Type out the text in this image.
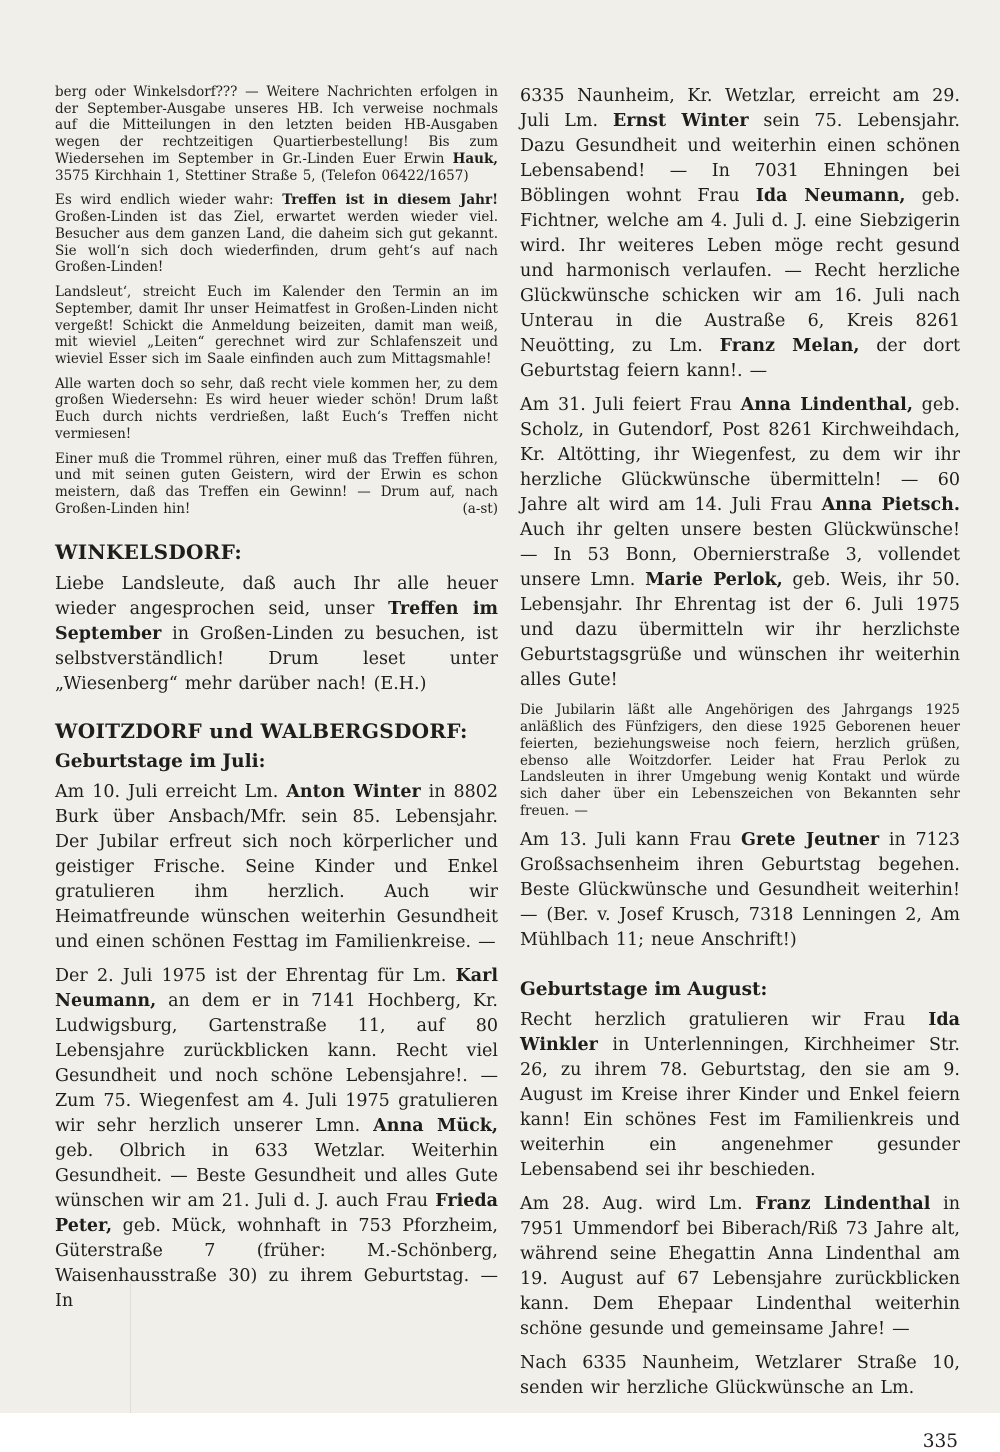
berg oder Winkelsdorf??? — Weitere Nachrichten erfolgen in der September-Ausgabe unseres HB. Ich verweise nochmals auf die Mitteilungen in den letzten beiden HB-Ausgaben wegen der rechtzeitigen Quartierbestellung! Bis zum Wiedersehen im September in Gr.-Linden Euer Erwin Hauk, 3575 Kirchhain 1, Stettiner Straße 5, (Telefon 06422/1657)

Es wird endlich wieder wahr: Treffen ist in diesem Jahr! Großen-Linden ist das Ziel, erwartet werden wieder viel. Besucher aus dem ganzen Land, die daheim sich gut gekannt. Sie woll‘n sich doch wiederfinden, drum geht‘s auf nach Großen-Linden!

Landsleut‘, streicht Euch im Kalender den Termin an im September, damit Ihr unser Heimatfest in Großen-Linden nicht vergeßt! Schickt die Anmeldung beizeiten, damit man weiß, mit wieviel „Leiten“ gerechnet wird zur Schlafenszeit und wieviel Esser sich im Saale einfinden auch zum Mittagsmahle!

Alle warten doch so sehr, daß recht viele kommen her, zu dem großen Wiedersehn: Es wird heuer wieder schön! Drum laßt Euch durch nichts verdrießen, laßt Euch‘s Treffen nicht vermiesen!

Einer muß die Trommel rühren, einer muß das Treffen führen, und mit seinen guten Geistern, wird der Erwin es schon meistern, daß das Treffen ein Gewinn! — Drum auf, nach Großen-Linden hin!	(a-st)

WINKELSDORF:

Liebe Landsleute, daß auch Ihr alle heuer wieder angesprochen seid, unser Treffen im September in Großen-Linden zu besuchen, ist selbstverständlich! Drum leset unter „Wiesenberg“ mehr darüber nach! (E.H.)

WOITZDORF und WALBERGSDORF:
Geburtstage im Juli:

Am 10. Juli erreicht Lm. Anton Winter in 8802 Burk über Ansbach/Mfr. sein 85. Lebensjahr. Der Jubilar erfreut sich noch körperlicher und geistiger Frische. Seine Kinder und Enkel gratulieren ihm herzlich. Auch wir Heimatfreunde wünschen weiterhin Gesundheit und einen schönen Festtag im Familienkreise. —

Der 2. Juli 1975 ist der Ehrentag für Lm. Karl Neumann, an dem er in 7141 Hochberg, Kr. Ludwigsburg, Gartenstraße 11, auf 80 Lebensjahre zurückblicken kann. Recht viel Gesundheit und noch schöne Lebensjahre!. — Zum 75. Wiegenfest am 4. Juli 1975 gratulieren wir sehr herzlich unserer Lmn. Anna Mück, geb. Olbrich in 633 Wetzlar. Weiterhin Gesundheit. — Beste Gesundheit und alles Gute wünschen wir am 21. Juli d. J. auch Frau Frieda Peter, geb. Mück, wohnhaft in 753 Pforzheim, Güterstraße 7 (früher: M.-Schönberg, Waisenhausstraße 30) zu ihrem Geburtstag. — In

6335 Naunheim, Kr. Wetzlar, erreicht am 29. Juli Lm. Ernst Winter sein 75. Lebensjahr. Dazu Gesundheit und weiterhin einen schönen Lebensabend! — In 7031 Ehningen bei Böblingen wohnt Frau Ida Neumann, geb. Fichtner, welche am 4. Juli d. J. eine Siebzigerin wird. Ihr weiteres Leben möge recht gesund und harmonisch verlaufen. — Recht herzliche Glückwünsche schicken wir am 16. Juli nach Unterau in die Austraße 6, Kreis 8261 Neuötting, zu Lm. Franz Melan, der dort Geburtstag feiern kann!. —

Am 31. Juli feiert Frau Anna Lindenthal, geb. Scholz, in Gutendorf, Post 8261 Kirchweihdach, Kr. Altötting, ihr Wiegenfest, zu dem wir ihr herzliche Glückwünsche übermitteln! — 60 Jahre alt wird am 14. Juli Frau Anna Pietsch. Auch ihr gelten unsere besten Glückwünsche! — In 53 Bonn, Obernierstraße 3, vollendet unsere Lmn. Marie Perlok, geb. Weis, ihr 50. Lebensjahr. Ihr Ehrentag ist der 6. Juli 1975 und dazu übermitteln wir ihr herzlichste Geburtstagsgrüße und wünschen ihr weiterhin alles Gute!

Die Jubilarin läßt alle Angehörigen des Jahrgangs 1925 anläßlich des Fünfzigers, den diese 1925 Geborenen heuer feierten, beziehungsweise noch feiern, herzlich grüßen, ebenso alle Woitzdorfer. Leider hat Frau Perlok zu Landsleuten in ihrer Umgebung wenig Kontakt und würde sich daher über ein Lebenszeichen von Bekannten sehr freuen. —

Am 13. Juli kann Frau Grete Jeutner in 7123 Großsachsenheim ihren Geburtstag begehen. Beste Glückwünsche und Gesundheit weiterhin! — (Ber. v. Josef Krusch, 7318 Lenningen 2, Am Mühlbach 11; neue Anschrift!)

Geburtstage im August:

Recht herzlich gratulieren wir Frau Ida Winkler in Unterlenningen, Kirchheimer Str. 26, zu ihrem 78. Geburtstag, den sie am 9. August im Kreise ihrer Kinder und Enkel feiern kann! Ein schönes Fest im Familienkreis und weiterhin ein angenehmer gesunder Lebensabend sei ihr beschieden.

Am 28. Aug. wird Lm. Franz Lindenthal in 7951 Ummendorf bei Biberach/Riß 73 Jahre alt, während seine Ehegattin Anna Lindenthal am 19. August auf 67 Lebensjahre zurückblicken kann. Dem Ehepaar Lindenthal weiterhin schöne gesunde und gemeinsame Jahre! —

Nach 6335 Naunheim, Wetzlarer Straße 10, senden wir herzliche Glückwünsche an Lm.

335
